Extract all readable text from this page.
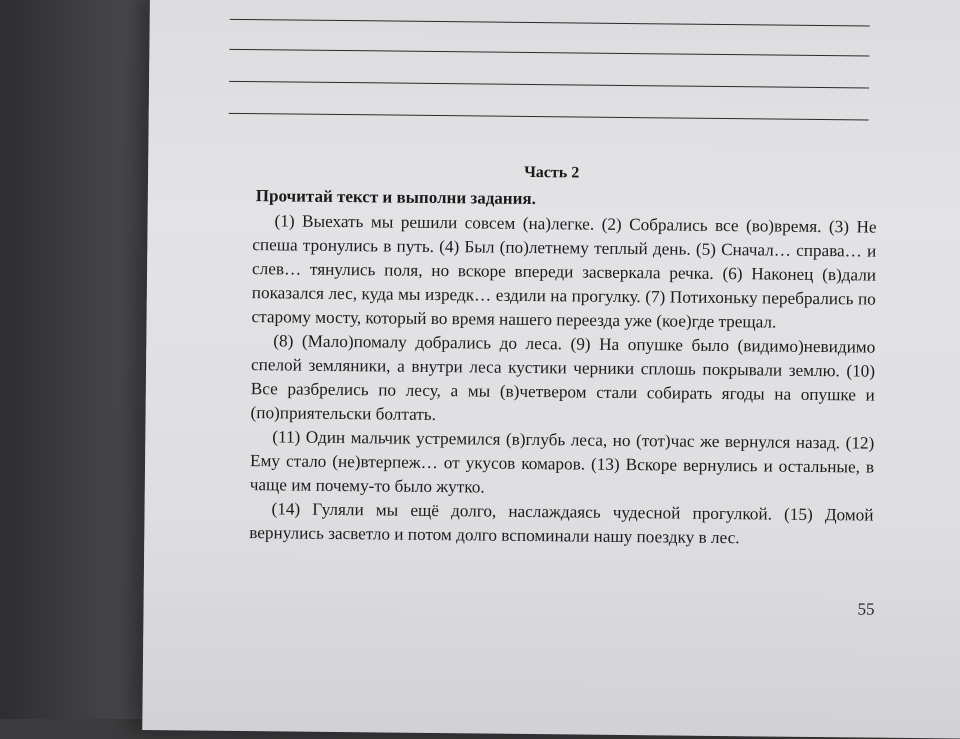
Часть 2
Прочитай текст и выполни задания.

(1) Выехать мы решили совсем (на)легке. (2) Собрались все (во)время. (3) Не спеша тронулись в путь. (4) Был (по)летнему теплый день. (5) Сначал… справа… и слев… тянулись поля, но вскоре впереди засверкала речка. (6) Наконец (в)дали показался лес, куда мы изредк… ездили на прогулку. (7) Потихоньку перебрались по старому мосту, который во время нашего переезда уже (кое)где трещал.

(8) (Мало)помалу добрались до леса. (9) На опушке было (видимо)невидимо спелой земляники, а внутри леса кустики черники сплошь покрывали землю. (10) Все разбрелись по лесу, а мы (в)четвером стали собирать ягоды на опушке и (по)приятельски болтать.

(11) Один мальчик устремился (в)глубь леса, но (тот)час же вернулся назад. (12) Ему стало (не)втерпеж… от укусов комаров. (13) Вскоре вернулись и остальные, в чаще им почему-то было жутко.

(14) Гуляли мы ещё долго, наслаждаясь чудесной прогулкой. (15) Домой вернулись засветло и потом долго вспоминали нашу поездку в лес.

55
